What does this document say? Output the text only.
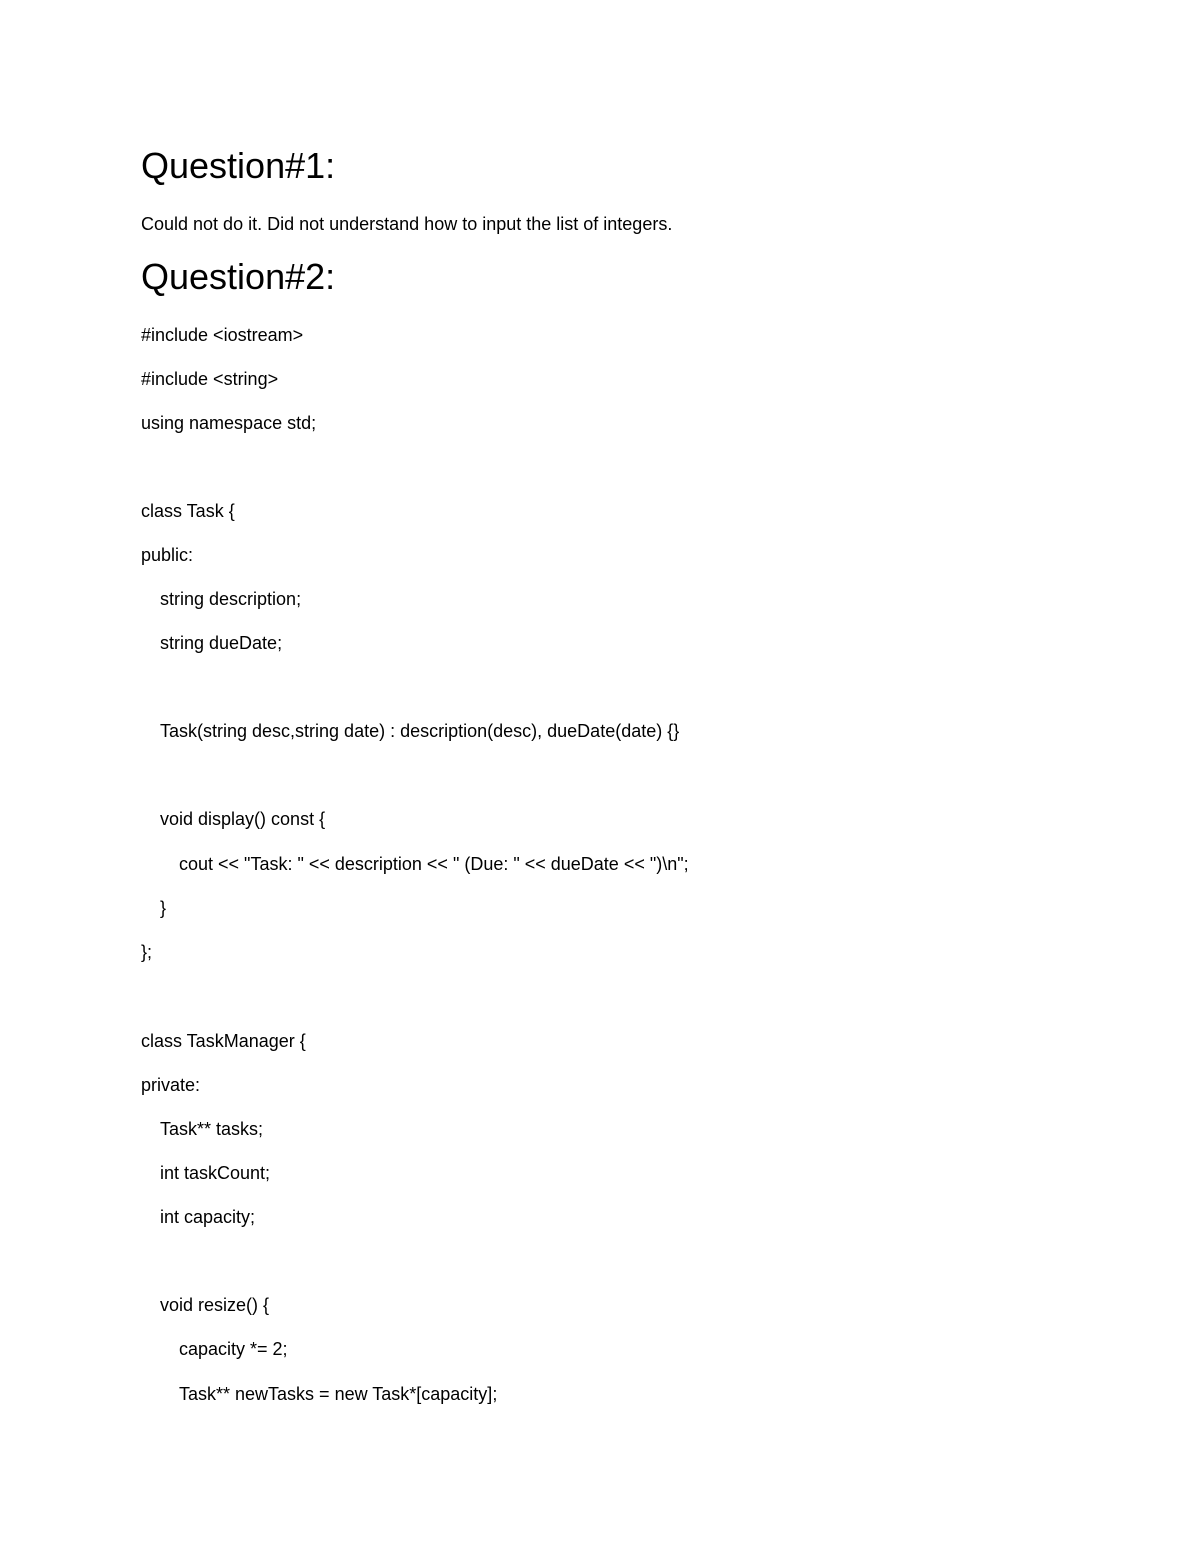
Question#1:
Could not do it. Did not understand how to input the list of integers.
Question#2:
#include <iostream>
#include <string>
using namespace std;
class Task {
public:
string description;
string dueDate;
Task(string desc,string date) : description(desc), dueDate(date) {}
void display() const {
cout << "Task: " << description << " (Due: " << dueDate << ")\n";
}
};
class TaskManager {
private:
Task** tasks;
int taskCount;
int capacity;
void resize() {
capacity *= 2;
Task** newTasks = new Task*[capacity];
